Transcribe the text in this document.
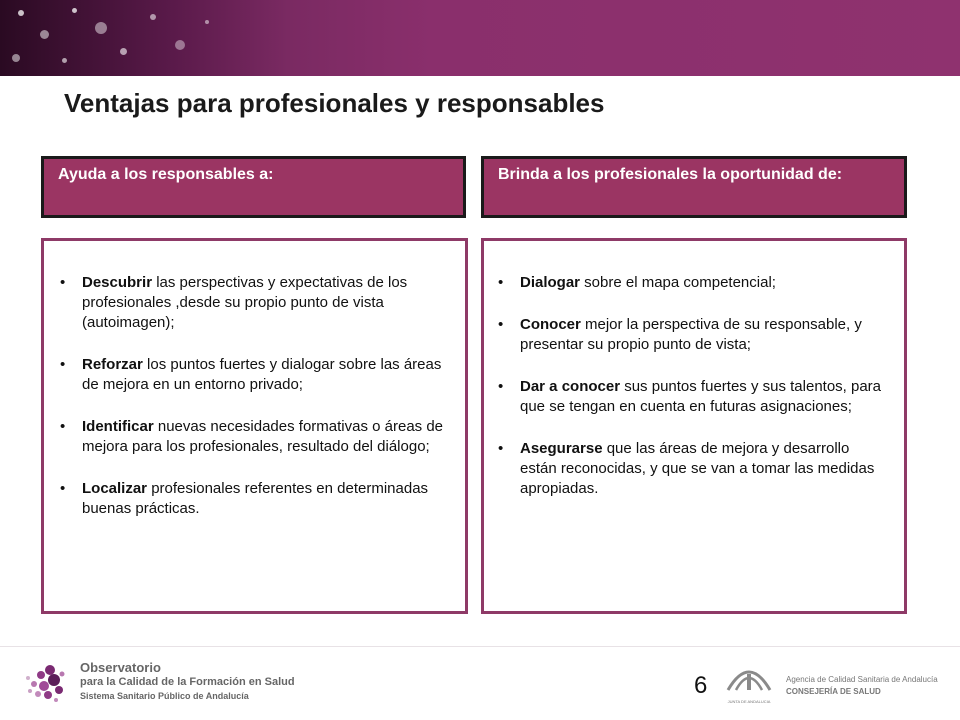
Ventajas para profesionales y responsables
Ayuda a los responsables a:	Brinda a los profesionales la oportunidad de:
• Descubrir las perspectivas y expectativas de los profesionales ,desde su propio punto de vista (autoimagen);
• Reforzar los puntos fuertes y dialogar sobre las áreas de mejora en un entorno privado;
• Identificar nuevas necesidades formativas o áreas de mejora para los profesionales, resultado del diálogo;
• Localizar profesionales referentes en determinadas buenas prácticas.
• Dialogar sobre el mapa competencial;
• Conocer mejor la perspectiva de su responsable, y presentar su propio punto de vista;
• Dar a conocer sus puntos fuertes y sus talentos, para que se tengan en cuenta en futuras asignaciones;
• Asegurarse que las áreas de mejora y desarrollo están reconocidas, y que se van a tomar las medidas apropiadas.
Observatorio
para la Calidad de la Formación en Salud
Sistema Sanitario Público de Andalucía	6
JUNTA DE ANDALUCIA
Agencia de Calidad Sanitaria de Andalucía
CONSEJERÍA DE SALUD
